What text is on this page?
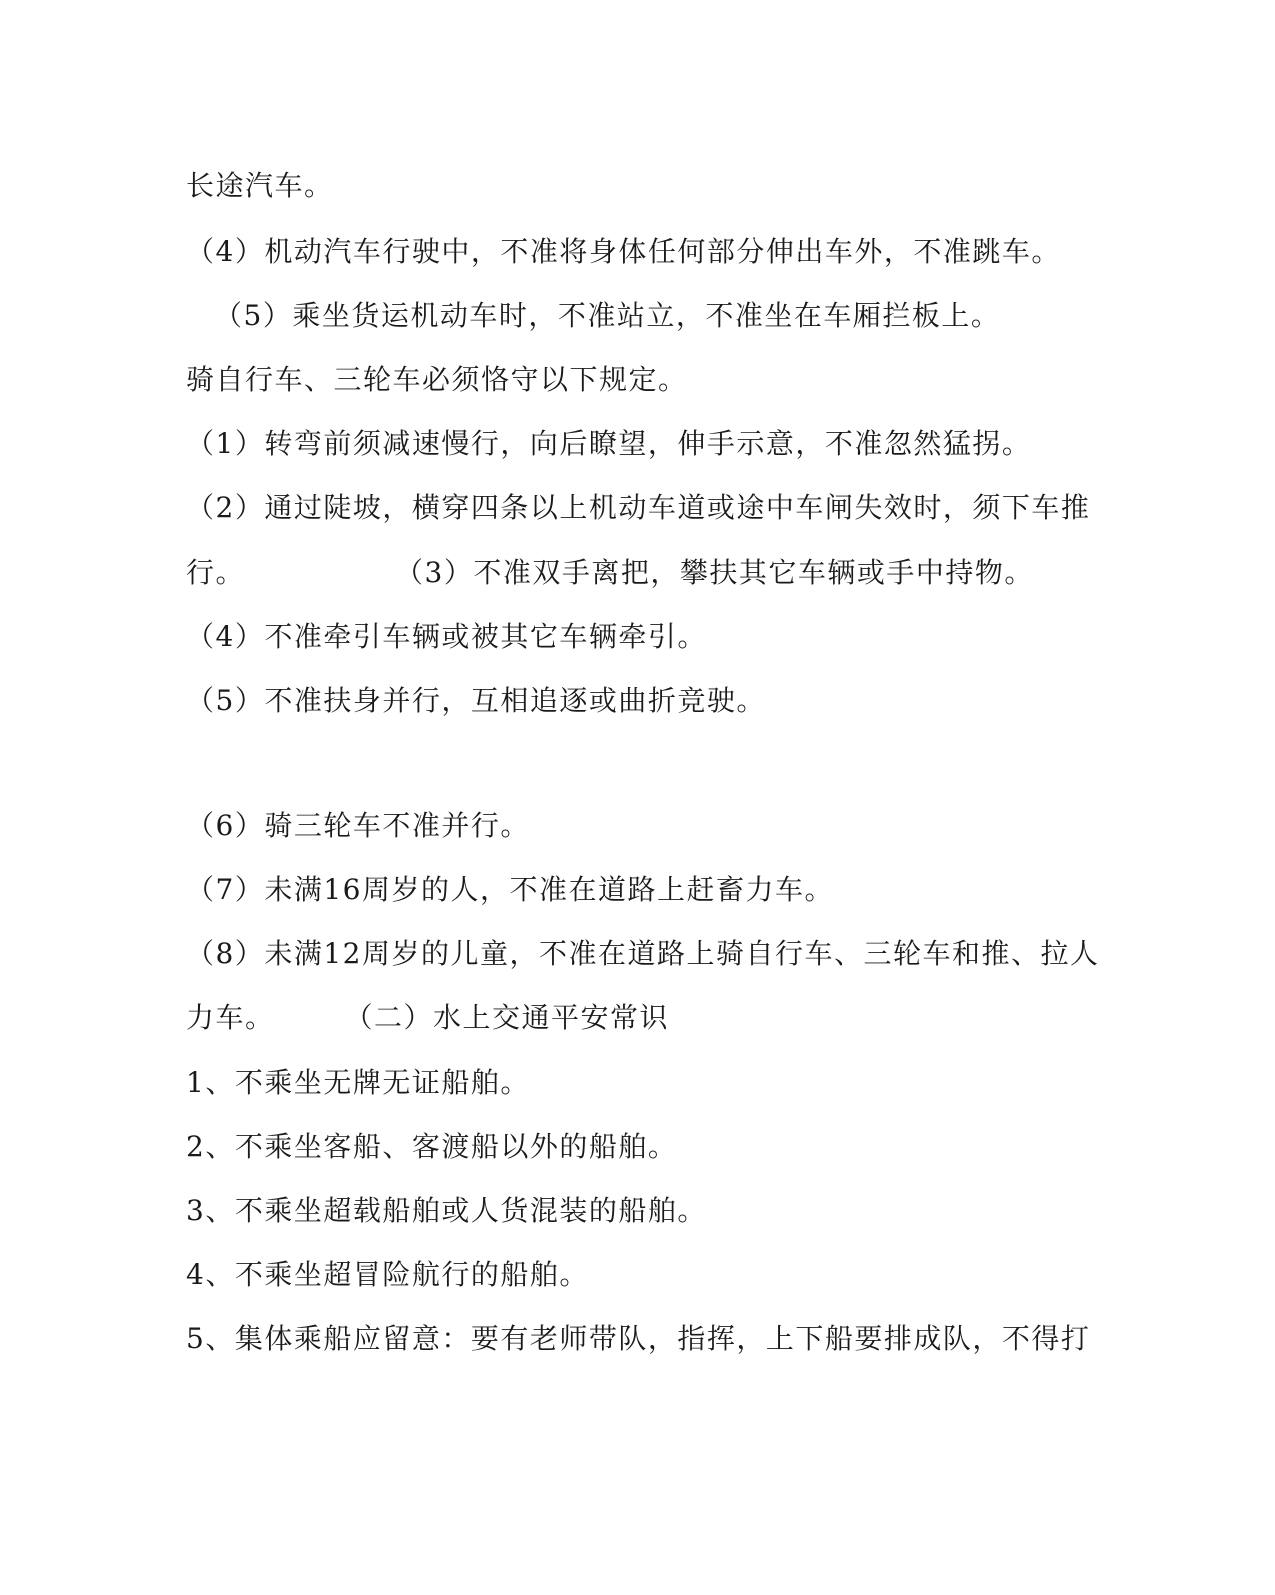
长途汽车。
（4）机动汽车行驶中，不准将身体任何部分伸出车外，不准跳车。
（5）乘坐货运机动车时，不准站立，不准坐在车厢拦板上。
骑自行车、三轮车必须恪守以下规定。
（1）转弯前须减速慢行，向后瞭望，伸手示意，不准忽然猛拐。
（2）通过陡坡，横穿四条以上机动车道或途中车闸失效时，须下车推
行。	（3）不准双手离把，攀扶其它车辆或手中持物。
（4）不准牵引车辆或被其它车辆牵引。
（5）不准扶身并行，互相追逐或曲折竞驶。
（6）骑三轮车不准并行。
（7）未满16周岁的人，不准在道路上赶畜力车。
（8）未满12周岁的儿童，不准在道路上骑自行车、三轮车和推、拉人
力车。	（二）水上交通平安常识
1、不乘坐无牌无证船舶。
2、不乘坐客船、客渡船以外的船舶。
3、不乘坐超载船舶或人货混装的船舶。
4、不乘坐超冒险航行的船舶。
5、集体乘船应留意：要有老师带队，指挥，上下船要排成队，不得打
